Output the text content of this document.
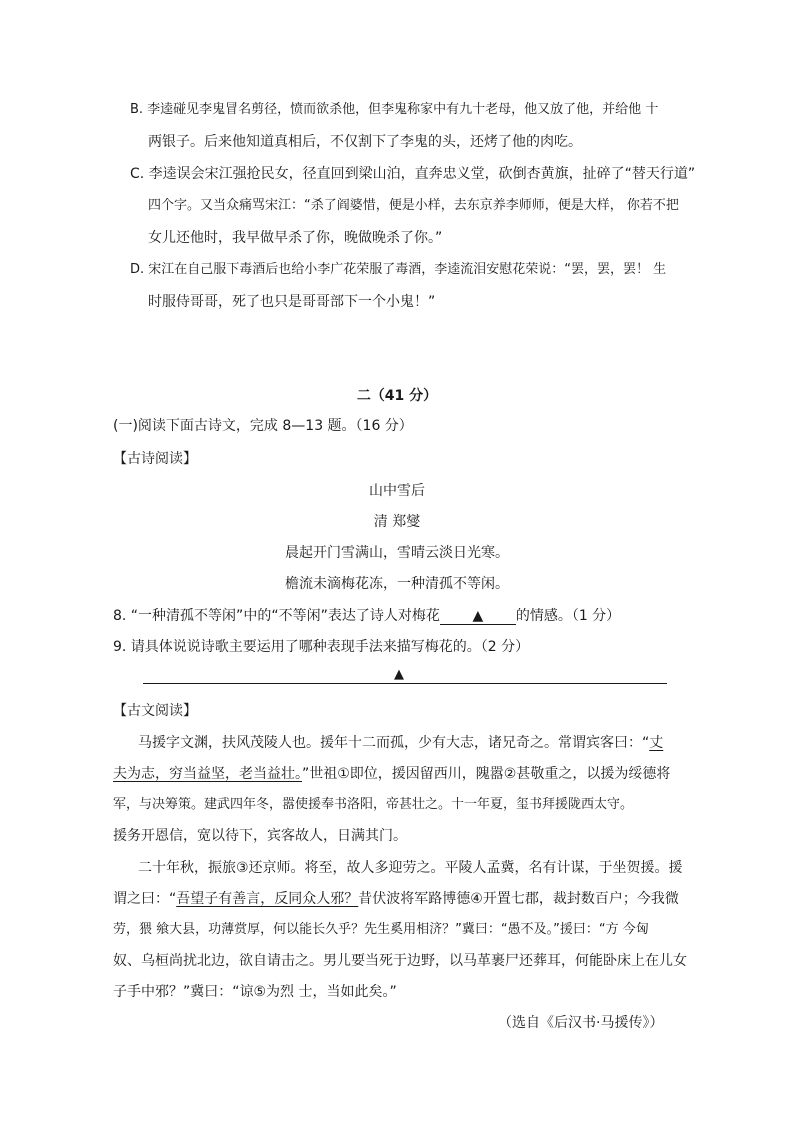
B. 李逵碰见李鬼冒名剪径，愤而欲杀他，但李鬼称家中有九十老母，他又放了他，并给他 十
两银子。后来他知道真相后，不仅割下了李鬼的头，还烤了他的肉吃。
C. 李逵误会宋江强抢民女，径直回到梁山泊，直奔忠义堂，砍倒杏黄旗，扯碎了“替天行道”
四个字。又当众痛骂宋江：“杀了阎婆惜，便是小样，去东京养李师师，便是大样， 你若不把
女儿还他时，我早做早杀了你，晚做晚杀了你。”
D. 宋江在自己服下毒酒后也给小李广花荣服了毒酒，李逵流泪安慰花荣说：“罢，罢，罢！ 生
时服侍哥哥，死了也只是哥哥部下一个小鬼！”
二（41 分）
(一)阅读下面古诗文，完成 8—13 题。（16 分）
【古诗阅读】
山中雪后
清 郑燮
晨起开门雪满山，雪晴云淡日光寒。
檐流未滴梅花冻，一种清孤不等闲。
8. “一种清孤不等闲”中的“不等闲”表达了诗人对梅花 ▲ 的情感。（1 分）
9. 请具体说说诗歌主要运用了哪种表现手法来描写梅花的。（2 分）
▲
【古文阅读】
马援字文渊，扶风茂陵人也。援年十二而孤，少有大志，诸兄奇之。常谓宾客曰：“丈
夫为志，穷当益坚，老当益壮。”世祖①即位，援因留西川，隗嚣②甚敬重之，以援为绥德将
军，与决筹策。建武四年冬，嚣使援奉书洛阳，帝甚壮之。十一年夏，玺书拜援陇西太守。
援务开恩信，宽以待下，宾客故人，日满其门。
二十年秋，振旅③还京师。将至，故人多迎劳之。平陵人孟冀，名有计谋，于坐贺援。援
谓之曰：“吾望子有善言，反同众人邪？昔伏波将军路博德④开置七郡，裁封数百户；今我微
劳，猥 飨大县，功薄赏厚，何以能长久乎？先生奚用相济？”冀曰：“愚不及。”援曰：“方 今匈
奴、乌桓尚扰北边，欲自请击之。男儿要当死于边野，以马革裹尸还葬耳，何能卧床上在儿女
子手中邪？”冀曰：“谅⑤为烈 士，当如此矣。”
（选自《后汉书·马援传》）
